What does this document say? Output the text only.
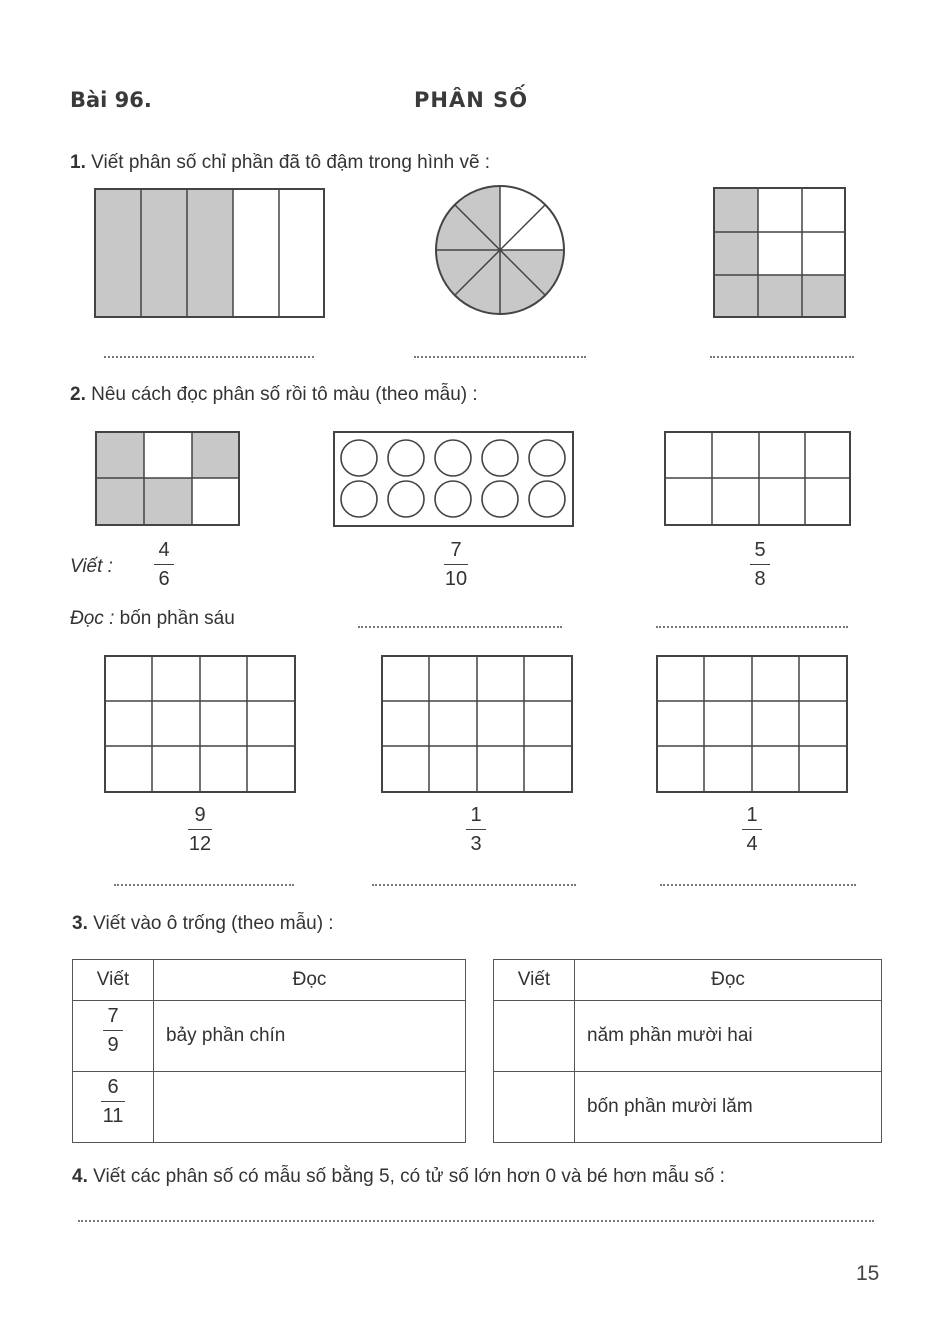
Bài 96.	PHÂN SỐ
1. Viết phân số chỉ phần đã tô đậm trong hình vẽ :
2. Nêu cách đọc phân số rồi tô màu (theo mẫu) :
Viết :
4
6
7
10
5
8
Đọc : bốn phần sáu
9
12
1
3
1
4
3. Viết vào ô trống (theo mẫu) :
Viết	Đọc

7
9	bảy phần chín

6
11	

Viết	Đọc
	năm phần mười hai
	bốn phần mười lăm
4. Viết các phân số có mẫu số bằng 5, có tử số lớn hơn 0 và bé hơn mẫu số :
15
